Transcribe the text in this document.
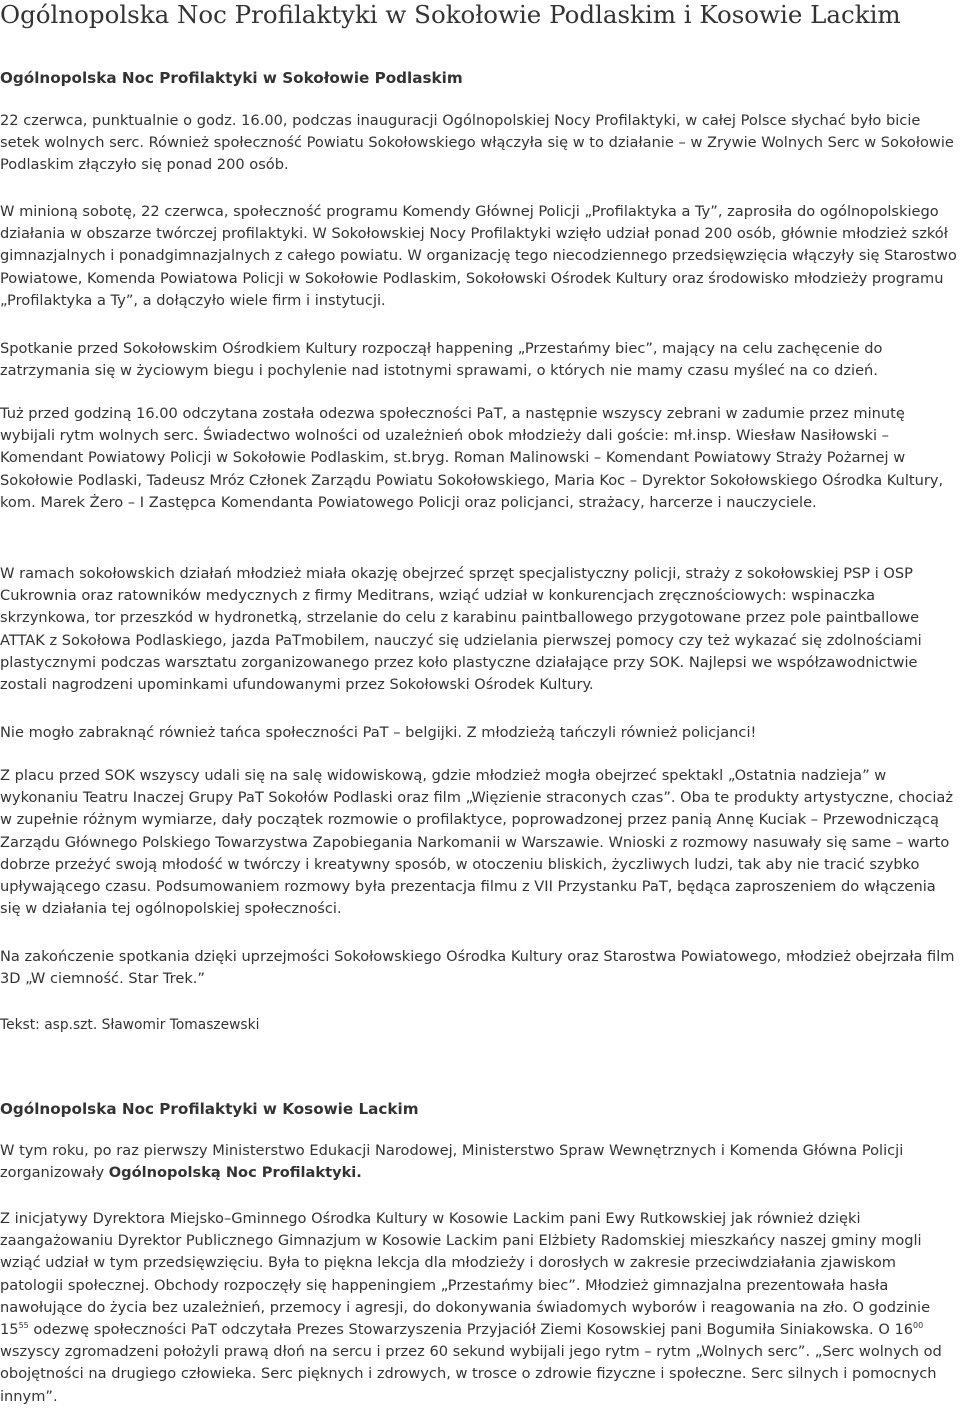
Ogólnopolska Noc Profilaktyki w Sokołowie Podlaskim i Kosowie Lackim
Ogólnopolska Noc Profilaktyki w Sokołowie Podlaskim

22 czerwca, punktualnie o godz. 16.00, podczas inauguracji Ogólnopolskiej Nocy Profilaktyki, w całej Polsce słychać było bicie setek wolnych serc. Również społeczność Powiatu Sokołowskiego włączyła się w to działanie – w Zrywie Wolnych Serc w Sokołowie Podlaskim złączyło się ponad 200 osób.

W minioną sobotę, 22 czerwca, społeczność programu Komendy Głównej Policji „Profilaktyka a Ty”, zaprosiła do ogólnopolskiego działania w obszarze twórczej profilaktyki. W Sokołowskiej Nocy Profilaktyki wzięło udział ponad 200 osób, głównie młodzież szkół gimnazjalnych i ponadgimnazjalnych z całego powiatu. W organizację tego niecodziennego przedsięwzięcia włączyły się Starostwo Powiatowe, Komenda Powiatowa Policji w Sokołowie Podlaskim, Sokołowski Ośrodek Kultury oraz środowisko młodzieży programu „Profilaktyka a Ty”, a dołączyło wiele firm i instytucji.

Spotkanie przed Sokołowskim Ośrodkiem Kultury rozpoczął happening „Przestańmy biec”, mający na celu zachęcenie do zatrzymania się w życiowym biegu i pochylenie nad istotnymi sprawami, o których nie mamy czasu myśleć na co dzień.

Tuż przed godziną 16.00 odczytana została odezwa społeczności PaT, a następnie wszyscy zebrani w zadumie przez minutę wybijali rytm wolnych serc. Świadectwo wolności od uzależnień obok młodzieży dali goście: mł.insp. Wiesław Nasiłowski – Komendant Powiatowy Policji w Sokołowie Podlaskim, st.bryg. Roman Malinowski – Komendant Powiatowy Straży Pożarnej w Sokołowie Podlaski, Tadeusz Mróz Członek Zarządu Powiatu Sokołowskiego, Maria Koc – Dyrektor Sokołowskiego Ośrodka Kultury, kom. Marek Żero – I Zastępca Komendanta Powiatowego Policji oraz policjanci, strażacy, harcerze i nauczyciele.

W ramach sokołowskich działań młodzież miała okazję obejrzeć sprzęt specjalistyczny policji, straży z sokołowskiej PSP i OSP Cukrownia oraz ratowników medycznych z firmy Meditrans, wziąć udział w konkurencjach zręcznościowych: wspinaczka skrzynkowa, tor przeszkód w hydronetką, strzelanie do celu z karabinu paintballowego przygotowane przez pole paintballowe ATTAK z Sokołowa Podlaskiego, jazda PaTmobilem, nauczyć się udzielania pierwszej pomocy czy też wykazać się zdolnościami plastycznymi podczas warsztatu zorganizowanego przez koło plastyczne działające przy SOK. Najlepsi we współzawodnictwie zostali nagrodzeni upominkami ufundowanymi przez Sokołowski Ośrodek Kultury.

Nie mogło zabraknąć również tańca społeczności PaT – belgijki. Z młodzieżą tańczyli również policjanci!

Z placu przed SOK wszyscy udali się na salę widowiskową, gdzie młodzież mogła obejrzeć spektakl „Ostatnia nadzieja” w wykonaniu Teatru Inaczej Grupy PaT Sokołów Podlaski oraz film „Więzienie straconych czas”. Oba te produkty artystyczne, chociaż w zupełnie różnym wymiarze, dały początek rozmowie o profilaktyce, poprowadzonej przez panią Annę Kuciak – Przewodniczącą Zarządu Głównego Polskiego Towarzystwa Zapobiegania Narkomanii w Warszawie. Wnioski z rozmowy nasuwały się same – warto dobrze przeżyć swoją młodość w twórczy i kreatywny sposób, w otoczeniu bliskich, życzliwych ludzi, tak aby nie tracić szybko upływającego czasu. Podsumowaniem rozmowy była prezentacja filmu z VII Przystanku PaT, będąca zaproszeniem do włączenia się w działania tej ogólnopolskiej społeczności.

Na zakończenie spotkania dzięki uprzejmości Sokołowskiego Ośrodka Kultury oraz Starostwa Powiatowego, młodzież obejrzała film 3D „W ciemność. Star Trek.”

Tekst: asp.szt. Sławomir Tomaszewski

Ogólnopolska Noc Profilaktyki w Kosowie Lackim

W tym roku, po raz pierwszy Ministerstwo Edukacji Narodowej, Ministerstwo Spraw Wewnętrznych i Komenda Główna Policji zorganizowały Ogólnopolską Noc Profilaktyki.

Z inicjatywy Dyrektora Miejsko–Gminnego Ośrodka Kultury w Kosowie Lackim pani Ewy Rutkowskiej jak również dzięki zaangażowaniu Dyrektor Publicznego Gimnazjum w Kosowie Lackim pani Elżbiety Radomskiej mieszkańcy naszej gminy mogli wziąć udział w tym przedsięwzięciu. Była to piękna lekcja dla młodzieży i dorosłych w zakresie przeciwdziałania zjawiskom patologii społecznej. Obchody rozpoczęły się happeningiem „Przestańmy biec”. Młodzież gimnazjalna prezentowała hasła nawołujące do życia bez uzależnień, przemocy i agresji, do dokonywania świadomych wyborów i reagowania na zło. O godzinie $15^{55}$ odezwę społeczności PaT odczytała Prezes Stowarzyszenia Przyjaciół Ziemi Kosowskiej pani Bogumiła Siniakowska. O $16^{00}$ wszyscy zgromadzeni położyli prawą dłoń na sercu i przez 60 sekund wybijali jego rytm – rytm „Wolnych serc”. „Serc wolnych od obojętności na drugiego człowieka. Serc pięknych i zdrowych, w trosce o zdrowie fizyczne i społeczne. Serc silnych i pomocnych innym”.
